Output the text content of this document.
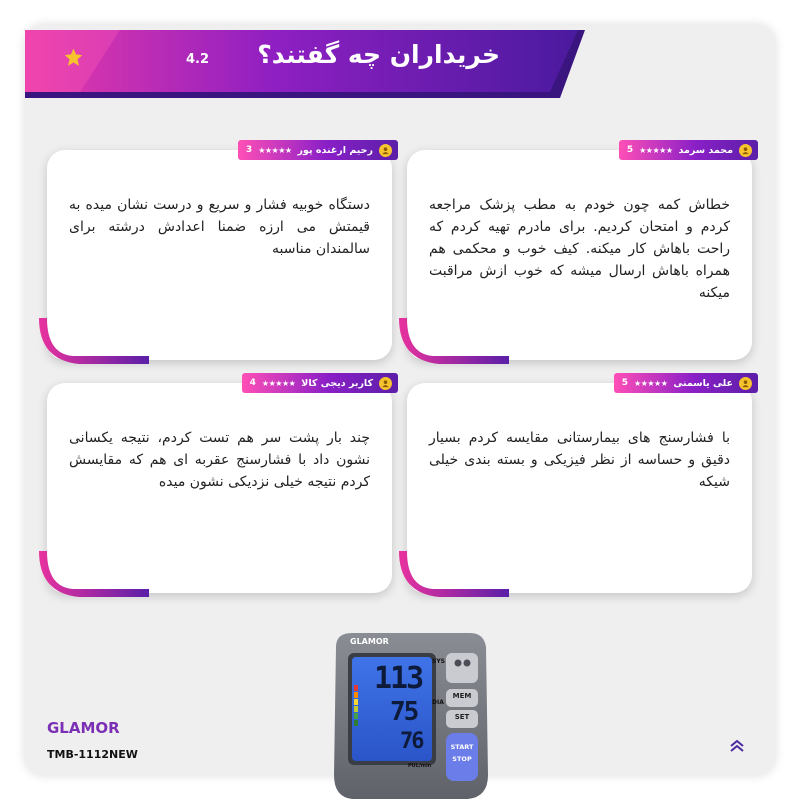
4.2 خریداران چه گفتند؟
محمد سرمد
★★★★★
5
خطاش کمه چون خودم به مطب پزشک مراجعه کردم و امتحان کردیم. برای مادرم تهیه کردم که راحت باهاش کار میکنه. کیف خوب و محکمی هم همراه باهاش ارسال میشه که خوب ازش مراقبت میکنه
رحیم ارغنده پور
★★★★★
3
دستگاه خوبیه فشار و سریع و درست نشان میده به قیمتش می ارزه ضمنا اعدادش درشته برای سالمندان مناسبه
علی یاسمنی
★★★★★
5
با فشارسنج های بیمارستانی مقایسه کردم بسیار دقیق و حساسه از نظر فیزیکی و بسته بندی خیلی شیکه
کاربر دیجی کالا
★★★★★
4
چند بار پشت سر هم تست کردم، نتیجه یکسانی نشون داد با فشارسنج عقربه ای هم که مقایسش کردم نتیجه خیلی نزدیکی نشون میده
GLAMOR
TMB-1112NEW
GLAMOR
113
75
76
SYS
DIA
PUL/min
MEM
SET
START
STOP
